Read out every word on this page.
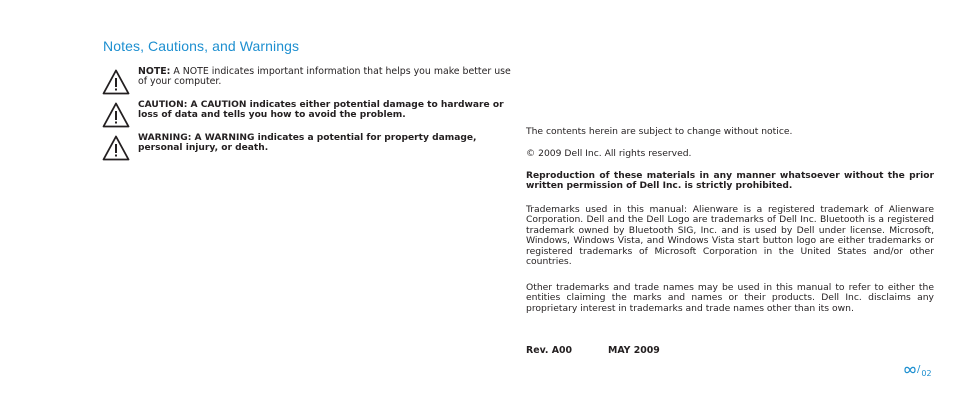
Notes, Cautions, and Warnings
NOTE: A NOTE indicates important information that helps you make better use of your computer.
CAUTION: A CAUTION indicates either potential damage to hardware or loss of data and tells you how to avoid the problem.
WARNING: A WARNING indicates a potential for property damage, personal injury, or death.
The contents herein are subject to change without notice.
© 2009 Dell Inc. All rights reserved.
Reproduction of these materials in any manner whatsoever without the prior written permission of Dell Inc. is strictly prohibited.
Trademarks used in this manual: Alienware is a registered trademark of Alienware Corporation. Dell and the Dell Logo are trademarks of Dell Inc. Bluetooth is a registered trademark owned by Bluetooth SIG, Inc. and is used by Dell under license. Microsoft, Windows, Windows Vista, and Windows Vista start button logo are either trademarks or registered trademarks of Microsoft Corporation in the United States and/or other countries.
Other trademarks and trade names may be used in this manual to refer to either the entities claiming the marks and names or their products. Dell Inc. disclaims any proprietary interest in trademarks and trade names other than its own.
Rev. A00	MAY 2009
/ 02
